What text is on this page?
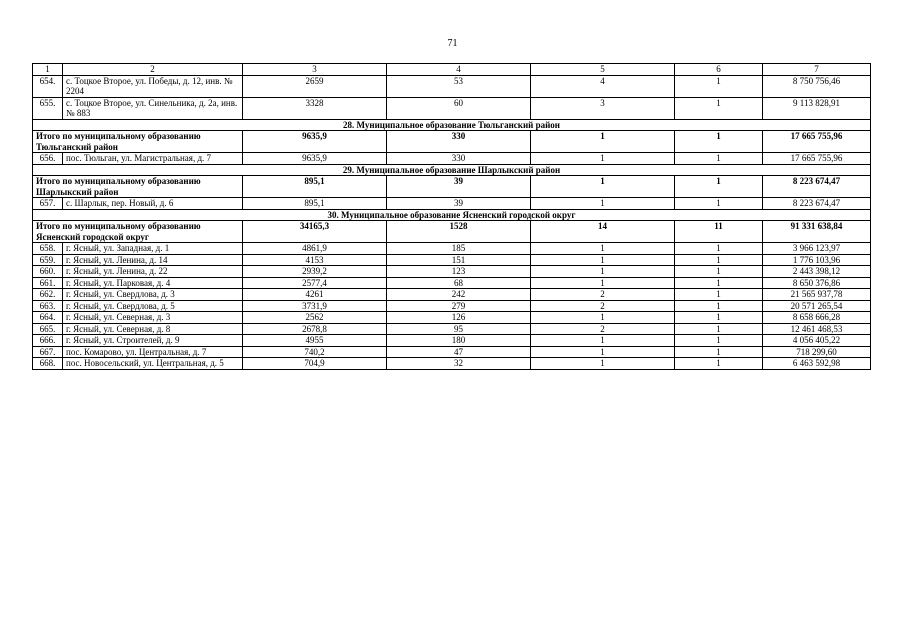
71
1	2	3	4	5	6	7
654.	с. Тоцкое Второе, ул. Победы, д. 12, инв. № 2204	2659	53	4	1	8 750 756,46
655.	с. Тоцкое Второе, ул. Синельника, д. 2а, инв. № 883	3328	60	3	1	9 113 828,91
28. Муниципальное образование Тюльганский район						
Итого по муниципальному образованию Тюльганский район		9635,9	330	1	1	17 665 755,96
656.	пос. Тюльган, ул. Магистральная, д. 7	9635,9	330	1	1	17 665 755,96
29. Муниципальное образование Шарлыкский район						
Итого по муниципальному образованию Шарлыкский район		895,1	39	1	1	8 223 674,47
657.	с. Шарлык, пер. Новый, д. 6	895,1	39	1	1	8 223 674,47
30. Муниципальное образование Ясненский городской округ						
Итого по муниципальному образованию Ясненский городской округ		34165,3	1528	14	11	91 331 638,84
658.	г. Ясный, ул. Западная, д. 1	4861,9	185	1	1	3 966 123,97
659.	г. Ясный, ул. Ленина, д. 14	4153	151	1	1	1 776 103,96
660.	г. Ясный, ул. Ленина, д. 22	2939,2	123	1	1	2 443 398,12
661.	г. Ясный, ул. Парковая, д. 4	2577,4	68	1	1	8 650 376,86
662.	г. Ясный, ул. Свердлова, д. 3	4261	242	2	1	21 565 937,78
663.	г. Ясный, ул. Свердлова, д. 5	3731,9	279	2	1	20 571 265,54
664.	г. Ясный, ул. Северная, д. 3	2562	126	1	1	8 658 666,28
665.	г. Ясный, ул. Северная, д. 8	2678,8	95	2	1	12 461 468,53
666.	г. Ясный, ул. Строителей, д. 9	4955	180	1	1	4 056 405,22
667.	пос. Комарово, ул. Центральная, д. 7	740,2	47	1	1	718 299,60
668.	пос. Новосельский, ул. Центральная, д. 5	704,9	32	1	1	6 463 592,98
